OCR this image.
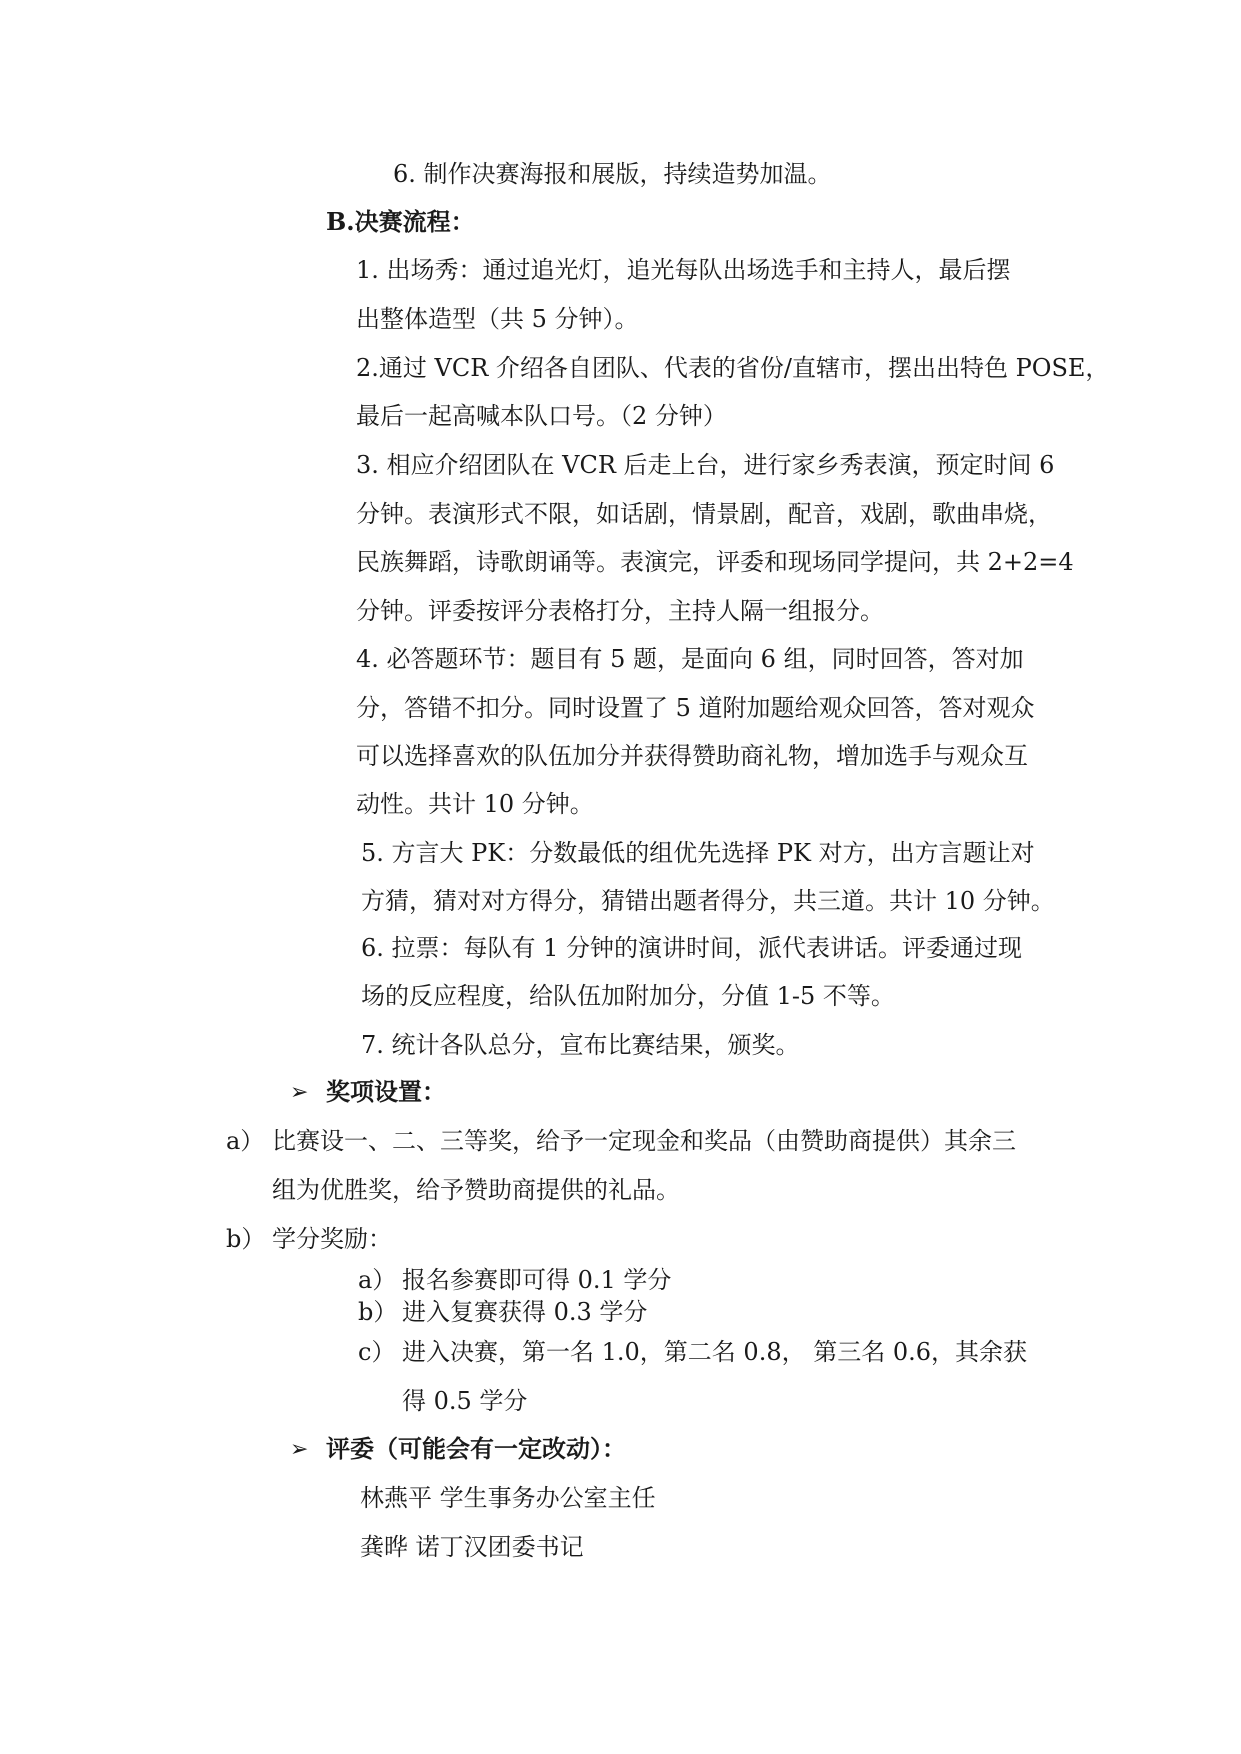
6. 制作决赛海报和展版，持续造势加温。
B.决赛流程：
1. 出场秀：通过追光灯，追光每队出场选手和主持人，最后摆
出整体造型（共 5 分钟）。
2.通过 VCR 介绍各自团队、代表的省份/直辖市，摆出出特色 POSE，
最后一起高喊本队口号。（2 分钟）
3. 相应介绍团队在 VCR 后走上台，进行家乡秀表演，预定时间 6
分钟。表演形式不限，如话剧，情景剧，配音，戏剧，歌曲串烧，
民族舞蹈，诗歌朗诵等。表演完，评委和现场同学提问，共 2+2=4
分钟。评委按评分表格打分，主持人隔一组报分。
4. 必答题环节：题目有 5 题，是面向 6 组，同时回答，答对加
分，答错不扣分。同时设置了 5 道附加题给观众回答，答对观众
可以选择喜欢的队伍加分并获得赞助商礼物，增加选手与观众互
动性。共计 10 分钟。
5. 方言大 PK：分数最低的组优先选择 PK 对方，出方言题让对
方猜，猜对对方得分，猜错出题者得分，共三道。共计 10 分钟。
6. 拉票：每队有 1 分钟的演讲时间，派代表讲话。评委通过现
场的反应程度，给队伍加附加分，分值 1-5 不等。
7. 统计各队总分，宣布比赛结果，颁奖。
➢ 奖项设置：
a） 比赛设一、二、三等奖，给予一定现金和奖品（由赞助商提供）其余三
组为优胜奖，给予赞助商提供的礼品。
b） 学分奖励：
a） 报名参赛即可得 0.1 学分
b） 进入复赛获得 0.3 学分
c） 进入决赛，第一名 1.0，第二名 0.8， 第三名 0.6，其余获
得 0.5 学分
➢ 评委（可能会有一定改动）：
林燕平 学生事务办公室主任
龚晔 诺丁汉团委书记
